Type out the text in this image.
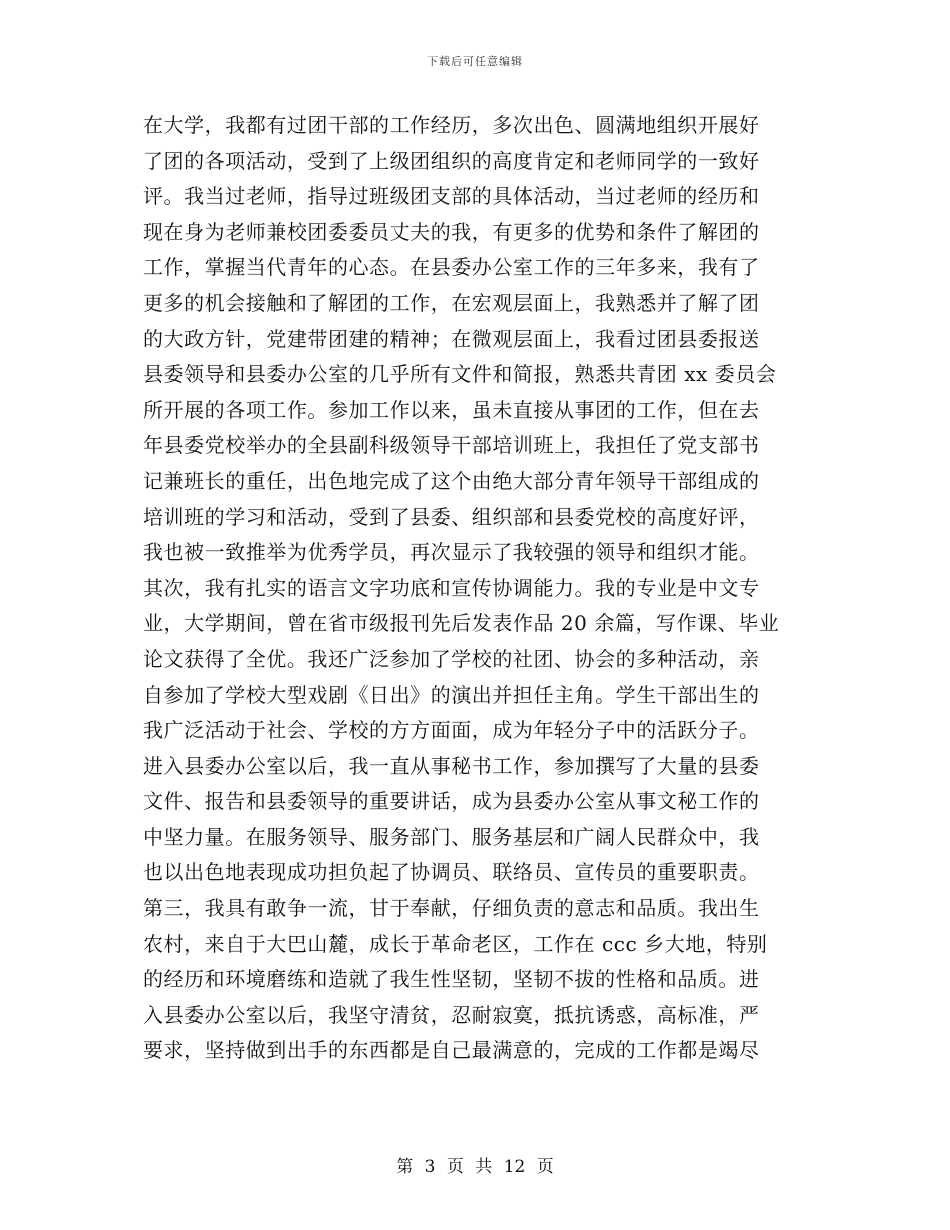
下载后可任意编辑
在大学，我都有过团干部的工作经历，多次出色、圆满地组织开展好
了团的各项活动，受到了上级团组织的高度肯定和老师同学的一致好
评。我当过老师，指导过班级团支部的具体活动，当过老师的经历和
现在身为老师兼校团委委员丈夫的我，有更多的优势和条件了解团的
工作，掌握当代青年的心态。在县委办公室工作的三年多来，我有了
更多的机会接触和了解团的工作，在宏观层面上，我熟悉并了解了团
的大政方针，党建带团建的精神；在微观层面上，我看过团县委报送
县委领导和县委办公室的几乎所有文件和简报，熟悉共青团 xx 委员会
所开展的各项工作。参加工作以来，虽未直接从事团的工作，但在去
年县委党校举办的全县副科级领导干部培训班上，我担任了党支部书
记兼班长的重任，出色地完成了这个由绝大部分青年领导干部组成的
培训班的学习和活动，受到了县委、组织部和县委党校的高度好评，
我也被一致推举为优秀学员，再次显示了我较强的领导和组织才能。
其次，我有扎实的语言文字功底和宣传协调能力。我的专业是中文专
业，大学期间，曾在省市级报刊先后发表作品 20 余篇，写作课、毕业
论文获得了全优。我还广泛参加了学校的社团、协会的多种活动，亲
自参加了学校大型戏剧《日出》的演出并担任主角。学生干部出生的
我广泛活动于社会、学校的方方面面，成为年轻分子中的活跃分子。
进入县委办公室以后，我一直从事秘书工作，参加撰写了大量的县委
文件、报告和县委领导的重要讲话，成为县委办公室从事文秘工作的
中坚力量。在服务领导、服务部门、服务基层和广阔人民群众中，我
也以出色地表现成功担负起了协调员、联络员、宣传员的重要职责。
第三，我具有敢争一流，甘于奉献，仔细负责的意志和品质。我出生
农村，来自于大巴山麓，成长于革命老区，工作在 ccc 乡大地，特别
的经历和环境磨练和造就了我生性坚韧，坚韧不拔的性格和品质。进
入县委办公室以后，我坚守清贫，忍耐寂寞，抵抗诱惑，高标准，严
要求，坚持做到出手的东西都是自己最满意的，完成的工作都是竭尽
第 3 页 共 12 页
